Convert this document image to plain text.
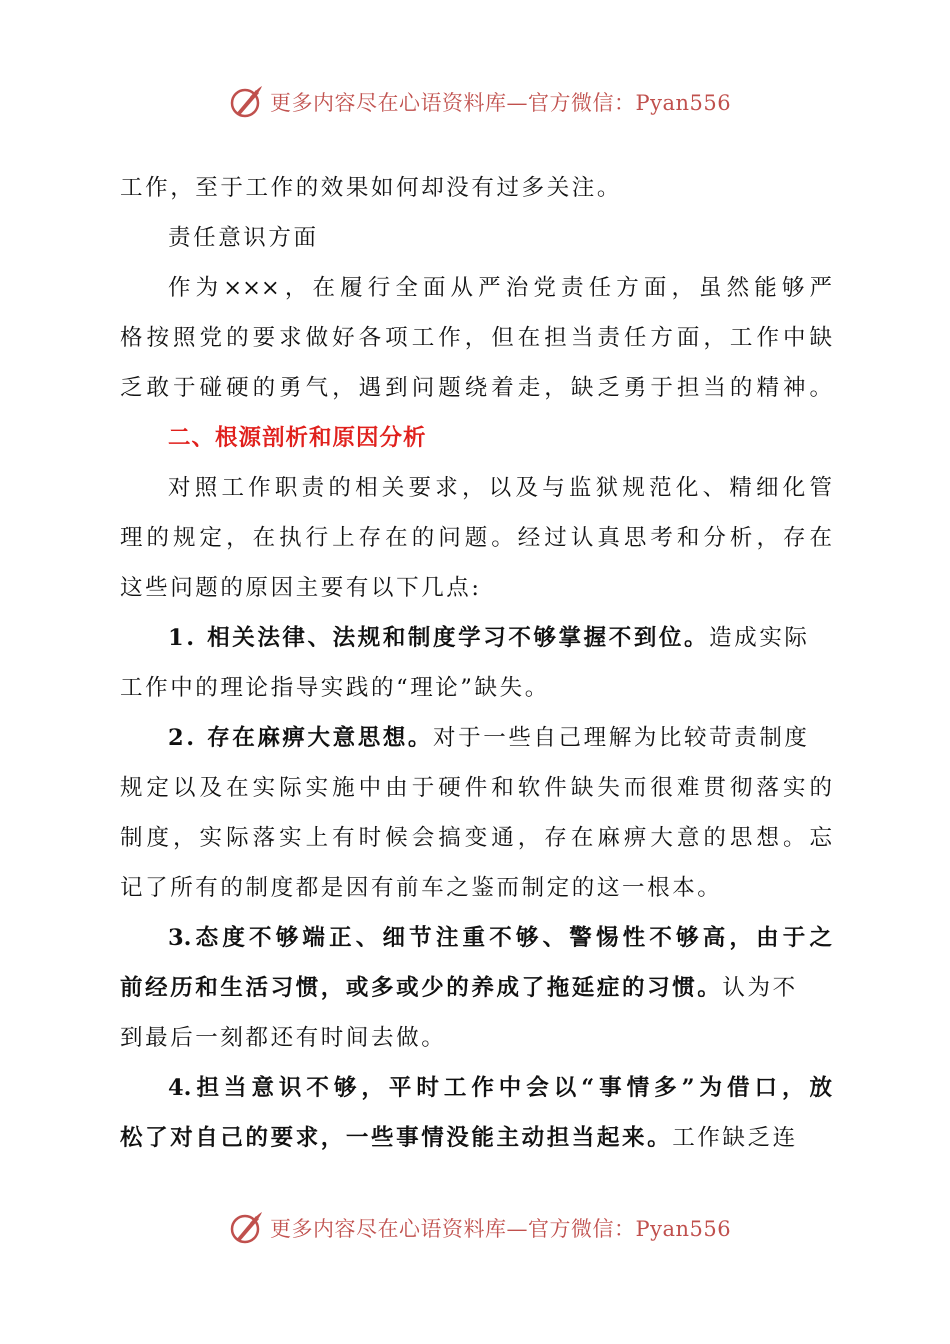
更多内容尽在心语资料库—官方微信：Pyan556
工作，至于工作的效果如何却没有过多关注。
责任意识方面
作为×××，在履行全面从严治党责任方面，虽然能够严
格按照党的要求做好各项工作，但在担当责任方面，工作中缺
乏敢于碰硬的勇气，遇到问题绕着走，缺乏勇于担当的精神。
二、根源剖析和原因分析
对照工作职责的相关要求，以及与监狱规范化、精细化管
理的规定，在执行上存在的问题。经过认真思考和分析，存在
这些问题的原因主要有以下几点:
1. 相关法律、法规和制度学习不够掌握不到位。造成实际
工作中的理论指导实践的“理论”缺失。
2. 存在麻痹大意思想。对于一些自己理解为比较苛责制度
规定以及在实际实施中由于硬件和软件缺失而很难贯彻落实的
制度，实际落实上有时候会搞变通，存在麻痹大意的思想。忘
记了所有的制度都是因有前车之鉴而制定的这一根本。
3.态度不够端正、细节注重不够、警惕性不够高，由于之
前经历和生活习惯，或多或少的养成了拖延症的习惯。认为不
到最后一刻都还有时间去做。
4.担当意识不够，平时工作中会以“事情多”为借口，放
松了对自己的要求，一些事情没能主动担当起来。工作缺乏连
更多内容尽在心语资料库—官方微信：Pyan556
